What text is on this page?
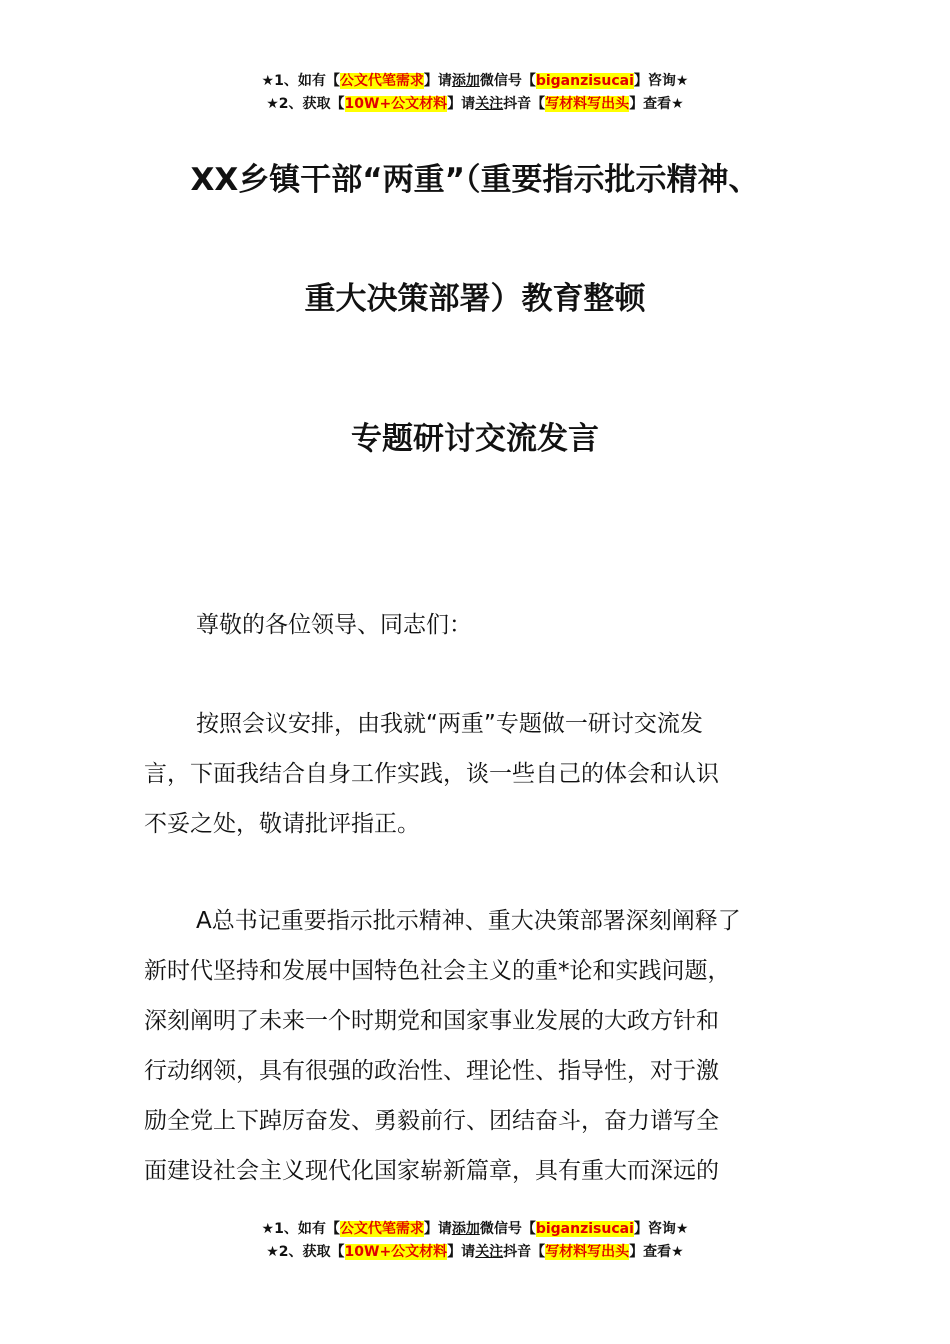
★1、如有【公文代笔需求】请添加微信号【biganzisucai】咨询★
★2、获取【10W+公文材料】请关注抖音【写材料写出头】查看★
XX乡镇干部“两重”（重要指示批示精神、
重大决策部署）教育整顿
专题研讨交流发言
尊敬的各位领导、同志们：
按照会议安排，由我就“两重”专题做一研讨交流发
言，下面我结合自身工作实践，谈一些自己的体会和认识
不妥之处，敬请批评指正。
A总书记重要指示批示精神、重大决策部署深刻阐释了
新时代坚持和发展中国特色社会主义的重*论和实践问题，
深刻阐明了未来一个时期党和国家事业发展的大政方针和
行动纲领，具有很强的政治性、理论性、指导性，对于激
励全党上下踔厉奋发、勇毅前行、团结奋斗，奋力谱写全
面建设社会主义现代化国家崭新篇章，具有重大而深远的
★1、如有【公文代笔需求】请添加微信号【biganzisucai】咨询★
★2、获取【10W+公文材料】请关注抖音【写材料写出头】查看★
